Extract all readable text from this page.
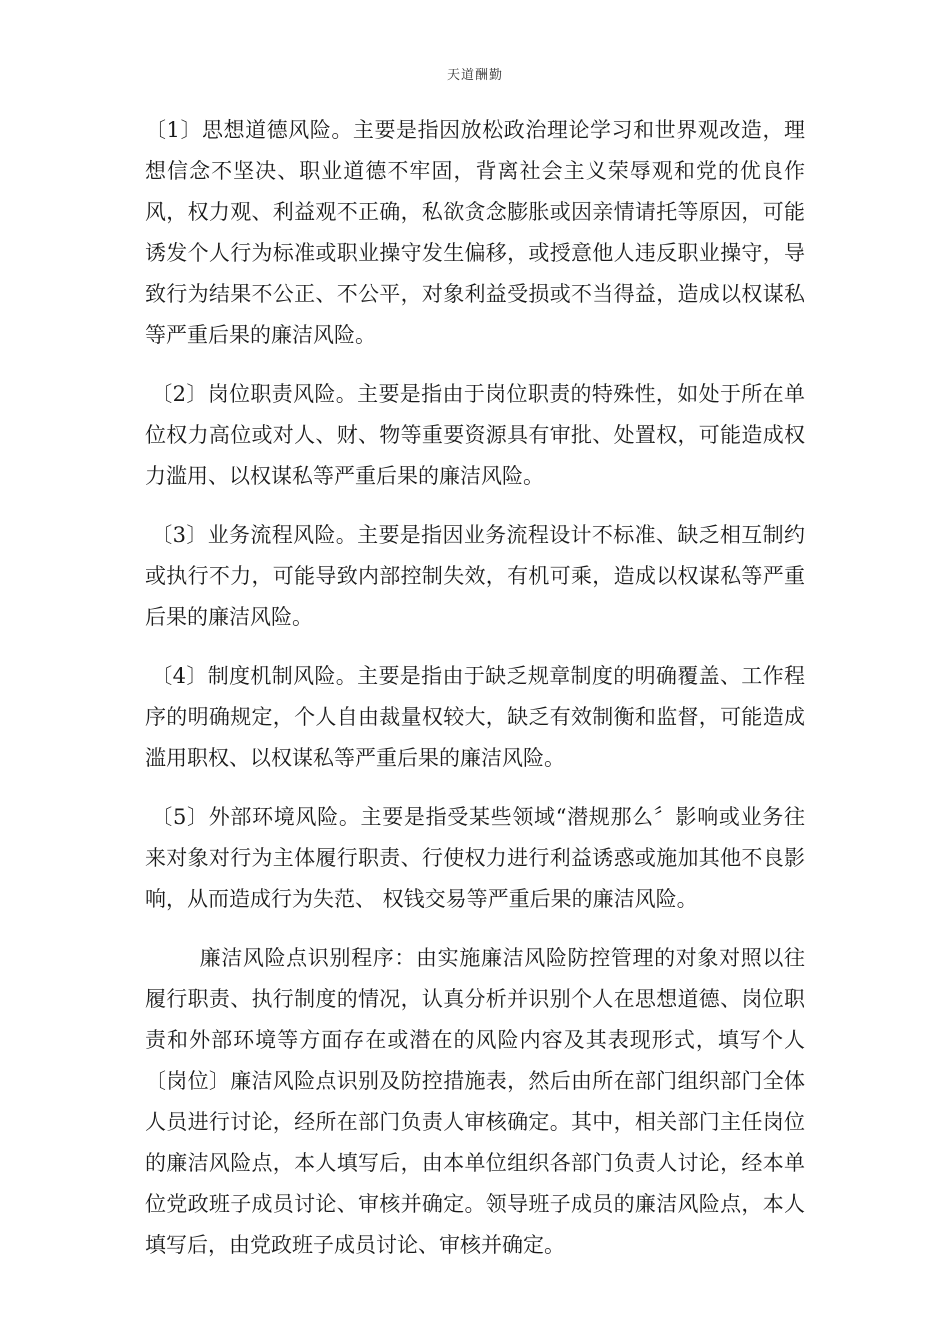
天道酬勤

〔1〕思想道德风险。主要是指因放松政治理论学习和世界观改造，理想信念不坚决、职业道德不牢固，背离社会主义荣辱观和党的优良作风，权力观、利益观不正确，私欲贪念膨胀或因亲情请托等原因，可能诱发个人行为标准或职业操守发生偏移，或授意他人违反职业操守，导致行为结果不公正、不公平，对象利益受损或不当得益，造成以权谋私等严重后果的廉洁风险。

〔2〕岗位职责风险。主要是指由于岗位职责的特殊性，如处于所在单位权力高位或对人、财、物等重要资源具有审批、处置权，可能造成权力滥用、以权谋私等严重后果的廉洁风险。

〔3〕业务流程风险。主要是指因业务流程设计不标准、缺乏相互制约或执行不力，可能导致内部控制失效，有机可乘，造成以权谋私等严重后果的廉洁风险。

〔4〕制度机制风险。主要是指由于缺乏规章制度的明确覆盖、工作程序的明确规定，个人自由裁量权较大，缺乏有效制衡和监督，可能造成滥用职权、以权谋私等严重后果的廉洁风险。

〔5〕外部环境风险。主要是指受某些领域“潜规那么〞影响或业务往来对象对行为主体履行职责、行使权力进行利益诱惑或施加其他不良影响，从而造成行为失范、 权钱交易等严重后果的廉洁风险。

廉洁风险点识别程序：由实施廉洁风险防控管理的对象对照以往履行职责、执行制度的情况，认真分析并识别个人在思想道德、岗位职责和外部环境等方面存在或潜在的风险内容及其表现形式，填写个人〔岗位〕廉洁风险点识别及防控措施表，然后由所在部门组织部门全体人员进行讨论，经所在部门负责人审核确定。其中，相关部门主任岗位的廉洁风险点，本人填写后，由本单位组织各部门负责人讨论，经本单位党政班子成员讨论、审核并确定。领导班子成员的廉洁风险点，本人填写后，由党政班子成员讨论、审核并确定。
